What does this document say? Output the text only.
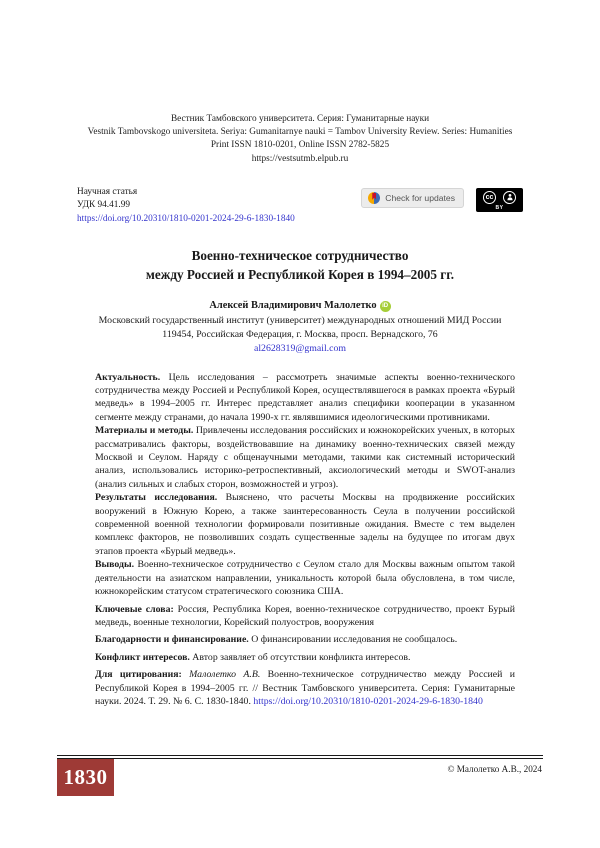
Вестник Тамбовского университета. Серия: Гуманитарные науки
Vestnik Tambovskogo universiteta. Seriya: Gumanitarnye nauki = Tambov University Review. Series: Humanities
Print ISSN 1810-0201, Online ISSN 2782-5825
https://vestsutmb.elpub.ru
Научная статья
УДК 94.41.99
https://doi.org/10.20310/1810-0201-2024-29-6-1830-1840
Check for updates	cc
BY
Военно-техническое сотрудничество
между Россией и Республикой Корея в 1994–2005 гг.
Алексей Владимирович Малолетко iD
Московский государственный институт (университет) международных отношений МИД России
119454, Российская Федерация, г. Москва, просп. Вернадского, 76
al2628319@gmail.com

Актуальность. Цель исследования – рассмотреть значимые аспекты военно-технического сотрудничества между Россией и Республикой Корея, осуществлявшегося в рамках проекта «Бурый медведь» в 1994–2005 гг. Интерес представляет анализ специфики кооперации в указанном сегменте между странами, до начала 1990-х гг. являвшимися идеологическими противниками.

Материалы и методы. Привлечены исследования российских и южнокорейских ученых, в которых рассматривались факторы, воздействовавшие на динамику военно-технических связей между Москвой и Сеулом. Наряду с общенаучными методами, такими как системный исторический анализ, использовались историко-ретроспективный, аксиологический методы и SWOT-анализ (анализ сильных и слабых сторон, возможностей и угроз).

Результаты исследования. Выяснено, что расчеты Москвы на продвижение российских вооружений в Южную Корею, а также заинтересованность Сеула в получении российской современной военной технологии формировали позитивные ожидания. Вместе с тем выделен комплекс факторов, не позволивших создать существенные заделы на будущее по итогам двух этапов проекта «Бурый медведь».

Выводы. Военно-техническое сотрудничество с Сеулом стало для Москвы важным опытом такой деятельности на азиатском направлении, уникальность которой была обусловлена, в том числе, южнокорейским статусом стратегического союзника США.

Ключевые слова: Россия, Республика Корея, военно-техническое сотрудничество, проект Бурый медведь, военные технологии, Корейский полуостров, вооружения

Благодарности и финансирование. О финансировании исследования не сообщалось.

Конфликт интересов. Автор заявляет об отсутствии конфликта интересов.

Для цитирования: Малолетко А.В. Военно-техническое сотрудничество между Россией и Республикой Корея в 1994–2005 гг. // Вестник Тамбовского университета. Серия: Гуманитарные науки. 2024. Т. 29. № 6. С. 1830-1840. https://doi.org/10.20310/1810-0201-2024-29-6-1830-1840

1830	© Малолетко А.В., 2024
